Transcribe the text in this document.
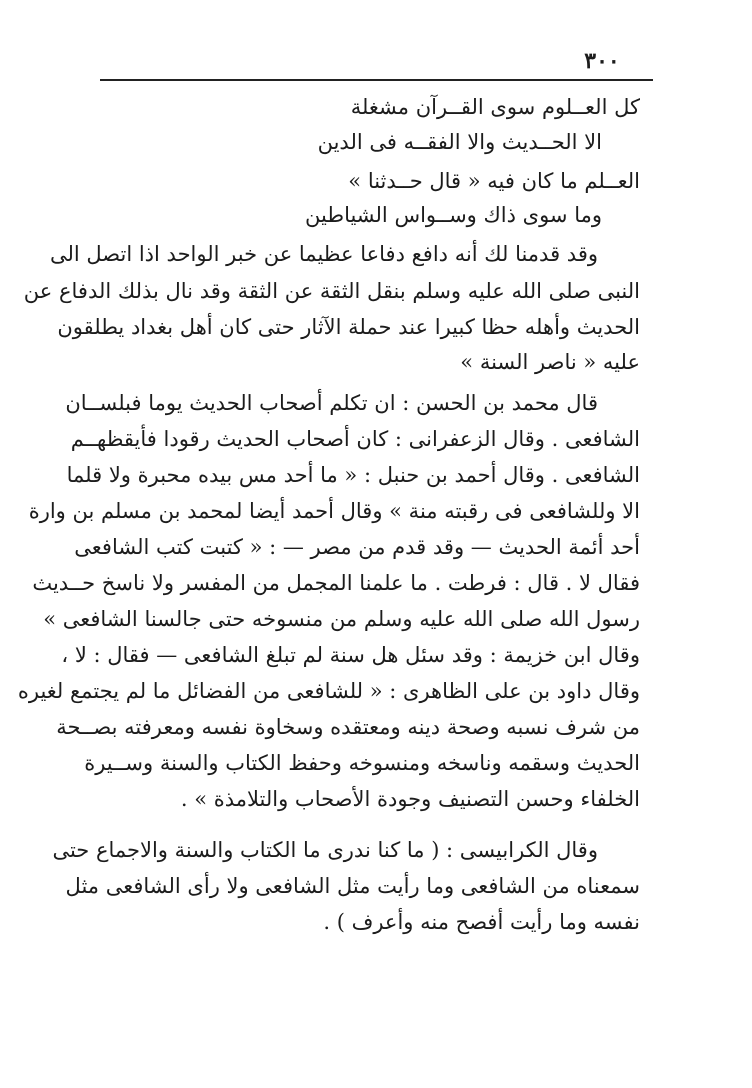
٣٠٠
كل العــلوم سوى القــرآن مشغلة
الا الحــديث والا الفقــه فى الدين
العــلم ما كان فيه « قال حــدثنا »
وما سوى ذاك وســواس الشياطين
وقد قدمنا لك أنه دافع دفاعا عظيما عن خبر الواحد اذا اتصل الى
النبى صلى الله عليه وسلم بنقل الثقة عن الثقة وقد نال بذلك الدفاع عن
الحديث وأهله حظا كبيرا عند حملة الآثار حتى كان أهل بغداد يطلقون
عليه « ناصر السنة »
قال محمد بن الحسن : ان تكلم أصحاب الحديث يوما فبلســان
الشافعى . وقال الزعفرانى : كان أصحاب الحديث رقودا فأيقظهــم
الشافعى . وقال أحمد بن حنبل : « ما أحد مس بيده محبرة ولا قلما
الا وللشافعى فى رقبته منة » وقال أحمد أيضا لمحمد بن مسلم بن وارة
أحد أئمة الحديث — وقد قدم من مصر — : « كتبت كتب الشافعى
فقال لا . قال : فرطت . ما علمنا المجمل من المفسر ولا ناسخ حــديث
رسول الله صلى الله عليه وسلم من منسوخه حتى جالسنا الشافعى »
وقال ابن خزيمة : وقد سئل هل سنة لم تبلغ الشافعى — فقال : لا ،
وقال داود بن على الظاهرى : « للشافعى من الفضائل ما لم يجتمع لغيره
من شرف نسبه وصحة دينه ومعتقده وسخاوة نفسه ومعرفته بصــحة
الحديث وسقمه وناسخه ومنسوخه وحفظ الكتاب والسنة وســيرة
الخلفاء وحسن التصنيف وجودة الأصحاب والتلامذة » .
وقال الكرابيسى : ( ما كنا ندرى ما الكتاب والسنة والاجماع حتى
سمعناه من الشافعى وما رأيت مثل الشافعى ولا رأى الشافعى مثل
نفسه وما رأيت أفصح منه وأعرف ) .
